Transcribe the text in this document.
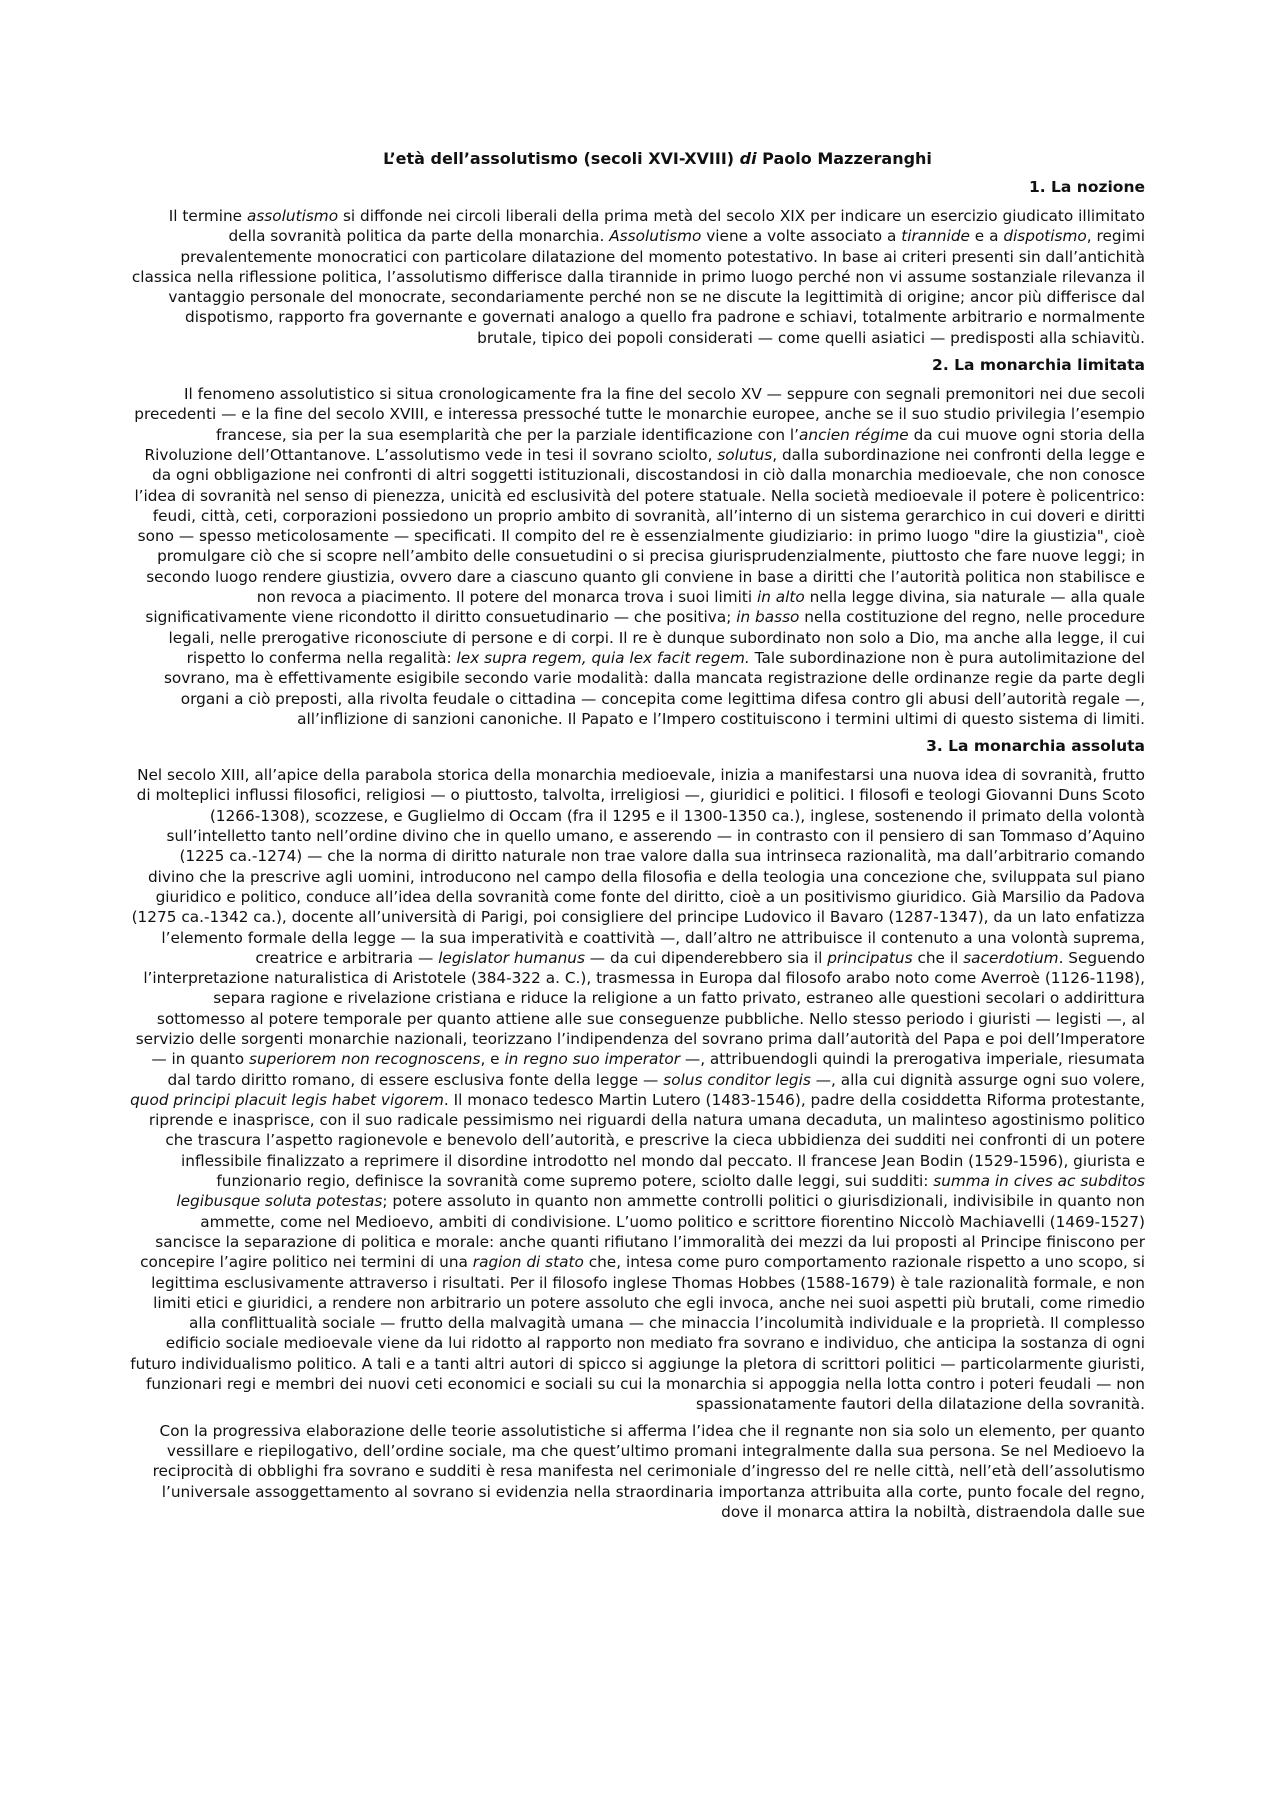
L’età dell’assolutismo (secoli XVI-XVIII) di Paolo Mazzeranghi
1. La nozione

Il termine assolutismo si diffonde nei circoli liberali della prima metà del secolo XIX per indicare un esercizio giudicato illimitato della sovranità politica da parte della monarchia. Assolutismo viene a volte associato a tirannide e a dispotismo, regimi prevalentemente monocratici con particolare dilatazione del momento potestativo. In base ai criteri presenti sin dall’antichità classica nella riflessione politica, l’assolutismo differisce dalla tirannide in primo luogo perché non vi assume sostanziale rilevanza il vantaggio personale del monocrate, secondariamente perché non se ne discute la legittimità di origine; ancor più differisce dal dispotismo, rapporto fra governante e governati analogo a quello fra padrone e schiavi, totalmente arbitrario e normalmente brutale, tipico dei popoli considerati — come quelli asiatici — predisposti alla schiavitù.

2. La monarchia limitata

Il fenomeno assolutistico si situa cronologicamente fra la fine del secolo XV — seppure con segnali premonitori nei due secoli precedenti — e la fine del secolo XVIII, e interessa pressoché tutte le monarchie europee, anche se il suo studio privilegia l’esempio francese, sia per la sua esemplarità che per la parziale identificazione con l’ancien régime da cui muove ogni storia della Rivoluzione dell’Ottantanove. L’assolutismo vede in tesi il sovrano sciolto, solutus, dalla subordinazione nei confronti della legge e da ogni obbligazione nei confronti di altri soggetti istituzionali, discostandosi in ciò dalla monarchia medioevale, che non conosce l’idea di sovranità nel senso di pienezza, unicità ed esclusività del potere statuale. Nella società medioevale il potere è policentrico: feudi, città, ceti, corporazioni possiedono un proprio ambito di sovranità, all’interno di un sistema gerarchico in cui doveri e diritti sono — spesso meticolosamente — specificati. Il compito del re è essenzialmente giudiziario: in primo luogo "dire la giustizia", cioè promulgare ciò che si scopre nell’ambito delle consuetudini o si precisa giurisprudenzialmente, piuttosto che fare nuove leggi; in secondo luogo rendere giustizia, ovvero dare a ciascuno quanto gli conviene in base a diritti che l’autorità politica non stabilisce e non revoca a piacimento. Il potere del monarca trova i suoi limiti in alto nella legge divina, sia naturale — alla quale significativamente viene ricondotto il diritto consuetudinario — che positiva; in basso nella costituzione del regno, nelle procedure legali, nelle prerogative riconosciute di persone e di corpi. Il re è dunque subordinato non solo a Dio, ma anche alla legge, il cui rispetto lo conferma nella regalità: lex supra regem, quia lex facit regem. Tale subordinazione non è pura autolimitazione del sovrano, ma è effettivamente esigibile secondo varie modalità: dalla mancata registrazione delle ordinanze regie da parte degli organi a ciò preposti, alla rivolta feudale o cittadina — concepita come legittima difesa contro gli abusi dell’autorità regale —, all’inflizione di sanzioni canoniche. Il Papato e l’Impero costituiscono i termini ultimi di questo sistema di limiti.

3. La monarchia assoluta

Nel secolo XIII, all’apice della parabola storica della monarchia medioevale, inizia a manifestarsi una nuova idea di sovranità, frutto di molteplici influssi filosofici, religiosi — o piuttosto, talvolta, irreligiosi —, giuridici e politici. I filosofi e teologi Giovanni Duns Scoto (1266-1308), scozzese, e Guglielmo di Occam (fra il 1295 e il 1300-1350 ca.), inglese, sostenendo il primato della volontà sull’intelletto tanto nell’ordine divino che in quello umano, e asserendo — in contrasto con il pensiero di san Tommaso d’Aquino (1225 ca.-1274) — che la norma di diritto naturale non trae valore dalla sua intrinseca razionalità, ma dall’arbitrario comando divino che la prescrive agli uomini, introducono nel campo della filosofia e della teologia una concezione che, sviluppata sul piano giuridico e politico, conduce all’idea della sovranità come fonte del diritto, cioè a un positivismo giuridico. Già Marsilio da Padova (1275 ca.-1342 ca.), docente all’università di Parigi, poi consigliere del principe Ludovico il Bavaro (1287-1347), da un lato enfatizza l’elemento formale della legge — la sua imperatività e coattività —, dall’altro ne attribuisce il contenuto a una volontà suprema, creatrice e arbitraria — legislator humanus — da cui dipenderebbero sia il principatus che il sacerdotium. Seguendo l’interpretazione naturalistica di Aristotele (384-322 a. C.), trasmessa in Europa dal filosofo arabo noto come Averroè (1126-1198), separa ragione e rivelazione cristiana e riduce la religione a un fatto privato, estraneo alle questioni secolari o addirittura sottomesso al potere temporale per quanto attiene alle sue conseguenze pubbliche. Nello stesso periodo i giuristi — legisti —, al servizio delle sorgenti monarchie nazionali, teorizzano l’indipendenza del sovrano prima dall’autorità del Papa e poi dell’Imperatore — in quanto superiorem non recognoscens, e in regno suo imperator —, attribuendogli quindi la prerogativa imperiale, riesumata dal tardo diritto romano, di essere esclusiva fonte della legge — solus conditor legis —, alla cui dignità assurge ogni suo volere, quod principi placuit legis habet vigorem. Il monaco tedesco Martin Lutero (1483-1546), padre della cosiddetta Riforma protestante, riprende e inasprisce, con il suo radicale pessimismo nei riguardi della natura umana decaduta, un malinteso agostinismo politico che trascura l’aspetto ragionevole e benevolo dell’autorità, e prescrive la cieca ubbidienza dei sudditi nei confronti di un potere inflessibile finalizzato a reprimere il disordine introdotto nel mondo dal peccato. Il francese Jean Bodin (1529-1596), giurista e funzionario regio, definisce la sovranità come supremo potere, sciolto dalle leggi, sui sudditi: summa in cives ac subditos legibusque soluta potestas; potere assoluto in quanto non ammette controlli politici o giurisdizionali, indivisibile in quanto non ammette, come nel Medioevo, ambiti di condivisione. L’uomo politico e scrittore fiorentino Niccolò Machiavelli (1469-1527) sancisce la separazione di politica e morale: anche quanti rifiutano l’immoralità dei mezzi da lui proposti al Principe finiscono per concepire l’agire politico nei termini di una ragion di stato che, intesa come puro comportamento razionale rispetto a uno scopo, si legittima esclusivamente attraverso i risultati. Per il filosofo inglese Thomas Hobbes (1588-1679) è tale razionalità formale, e non limiti etici e giuridici, a rendere non arbitrario un potere assoluto che egli invoca, anche nei suoi aspetti più brutali, come rimedio alla conflittualità sociale — frutto della malvagità umana — che minaccia l’incolumità individuale e la proprietà. Il complesso edificio sociale medioevale viene da lui ridotto al rapporto non mediato fra sovrano e individuo, che anticipa la sostanza di ogni futuro individualismo politico. A tali e a tanti altri autori di spicco si aggiunge la pletora di scrittori politici — particolarmente giuristi, funzionari regi e membri dei nuovi ceti economici e sociali su cui la monarchia si appoggia nella lotta contro i poteri feudali — non spassionatamente fautori della dilatazione della sovranità.

Con la progressiva elaborazione delle teorie assolutistiche si afferma l’idea che il regnante non sia solo un elemento, per quanto vessillare e riepilogativo, dell’ordine sociale, ma che quest’ultimo promani integralmente dalla sua persona. Se nel Medioevo la reciprocità di obblighi fra sovrano e sudditi è resa manifesta nel cerimoniale d’ingresso del re nelle città, nell’età dell’assolutismo l’universale assoggettamento al sovrano si evidenzia nella straordinaria importanza attribuita alla corte, punto focale del regno, dove il monarca attira la nobiltà, distraendola dalle sue
